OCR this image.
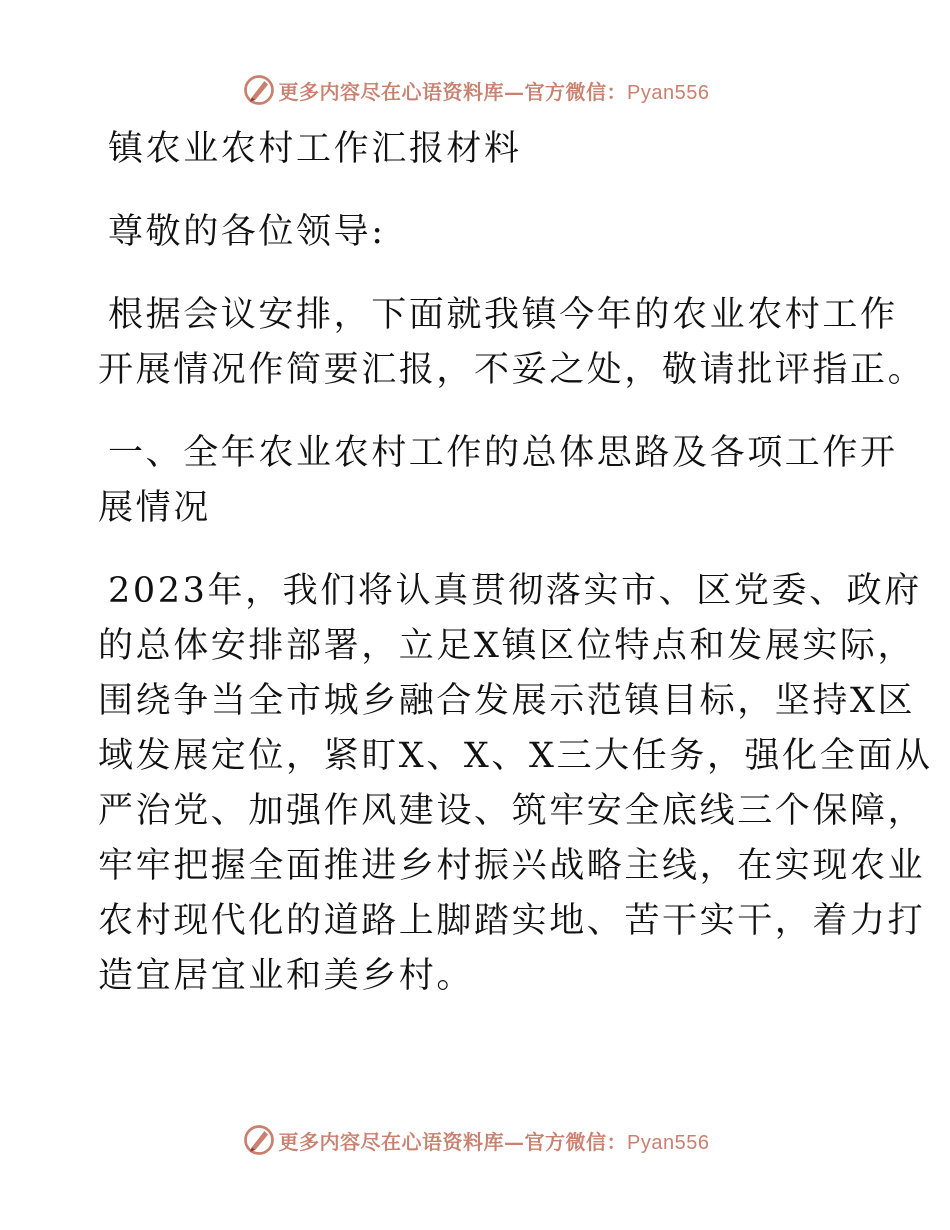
更多内容尽在心语资料库—官方微信：Pyan556

镇农业农村工作汇报材料

尊敬的各位领导:

根据会议安排，下面就我镇今年的农业农村工作
开展情况作简要汇报，不妥之处，敬请批评指正。

一、全年农业农村工作的总体思路及各项工作开
展情况

2023年，我们将认真贯彻落实市、区党委、政府
的总体安排部署，立足X镇区位特点和发展实际，
围绕争当全市城乡融合发展示范镇目标，坚持X区
域发展定位，紧盯X、X、X三大任务，强化全面从
严治党、加强作风建设、筑牢安全底线三个保障，
牢牢把握全面推进乡村振兴战略主线，在实现农业
农村现代化的道路上脚踏实地、苦干实干，着力打
造宜居宜业和美乡村。

更多内容尽在心语资料库—官方微信：Pyan556
